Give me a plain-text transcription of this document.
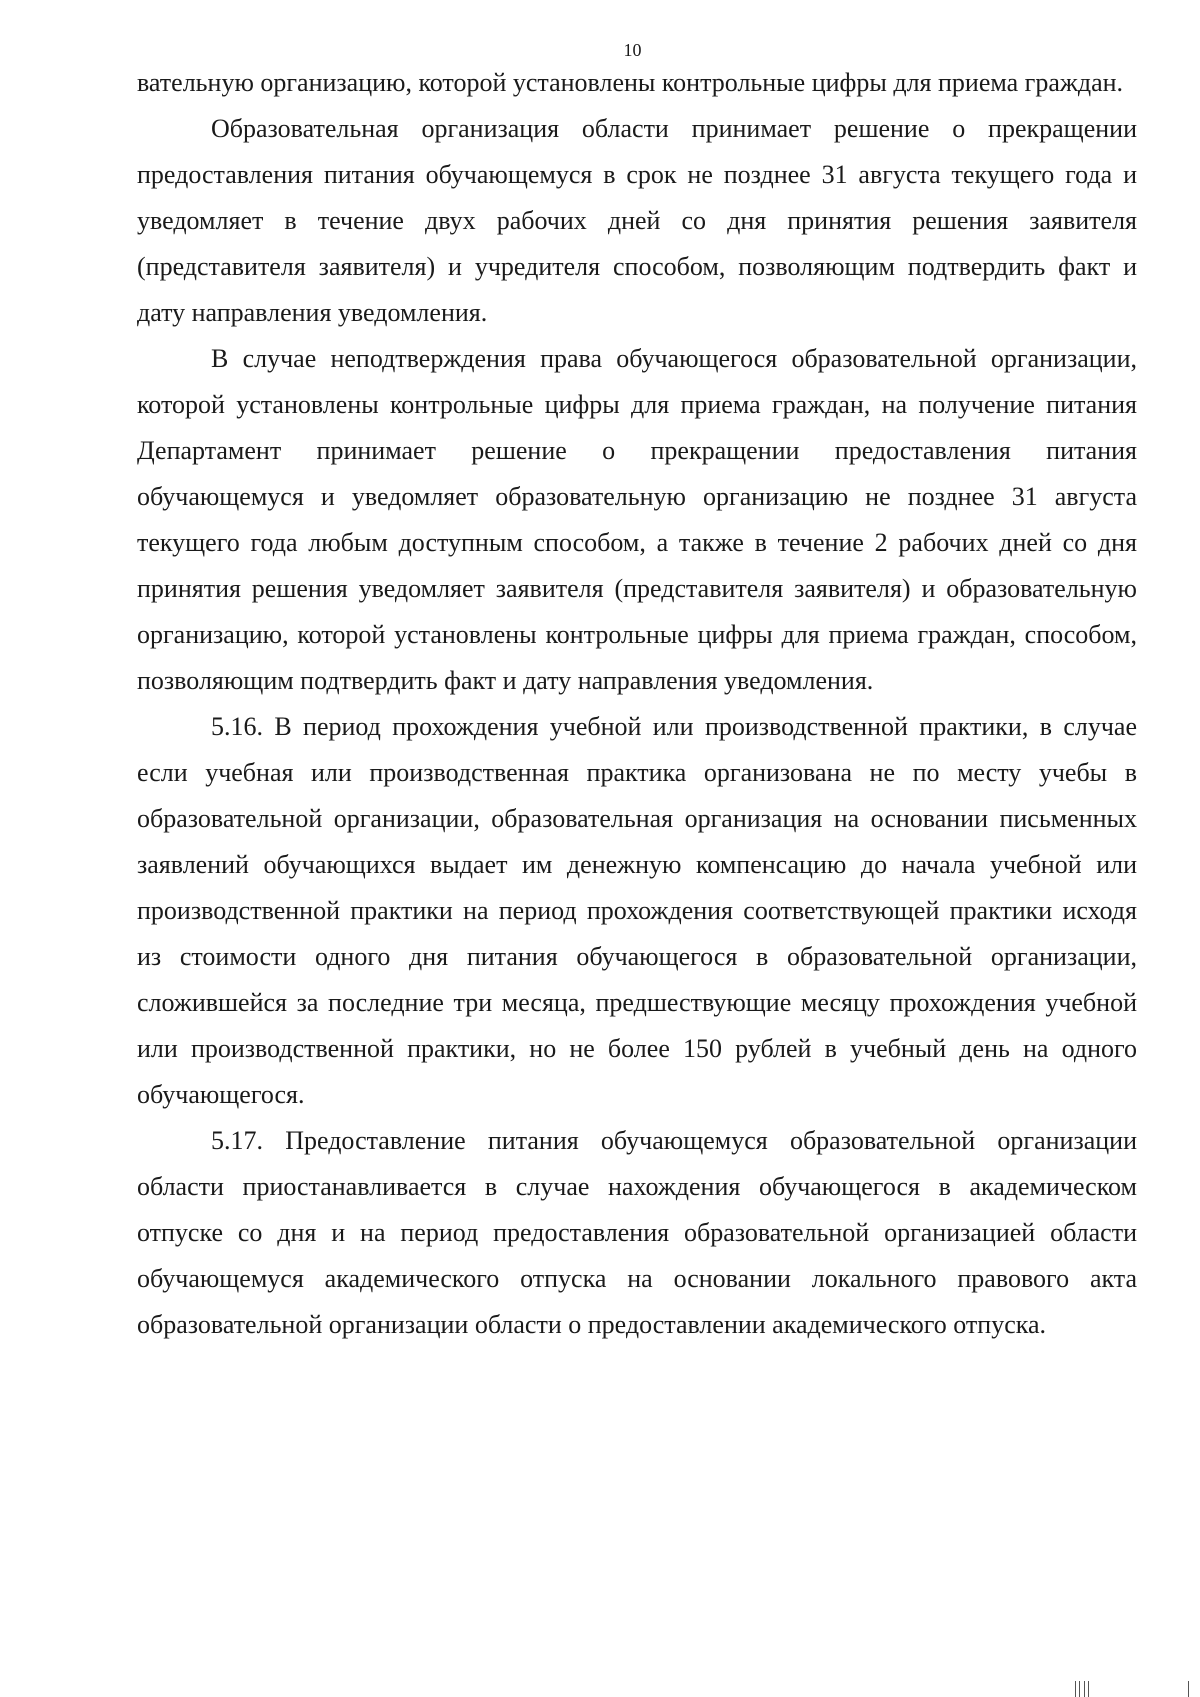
10

вательную организацию, которой установлены контрольные цифры для приема граждан.

Образовательная организация области принимает решение о прекращении предоставления питания обучающемуся в срок не позднее 31 августа текущего года и уведомляет в течение двух рабочих дней со дня принятия решения заявителя (представителя заявителя) и учредителя способом, позволяющим подтвердить факт и дату направления уведомления.

В случае неподтверждения права обучающегося образовательной организации, которой установлены контрольные цифры для приема граждан, на получение питания Департамент принимает решение о прекращении предоставления питания обучающемуся и уведомляет образовательную организацию не позднее 31 августа текущего года любым доступным способом, а также в течение 2 рабочих дней со дня принятия решения уведомляет заявителя (представителя заявителя) и образовательную организацию, которой установлены контрольные цифры для приема граждан, способом, позволяющим подтвердить факт и дату направления уведомления.

5.16. В период прохождения учебной или производственной практики, в случае если учебная или производственная практика организована не по месту учебы в образовательной организации, образовательная организация на основании письменных заявлений обучающихся выдает им денежную компенсацию до начала учебной или производственной практики на период прохождения соответствующей практики исходя из стоимости одного дня питания обучающегося в образовательной организации, сложившейся за последние три месяца, предшествующие месяцу прохождения учебной или производственной практики, но не более 150 рублей в учебный день на одного обучающегося.

5.17. Предоставление питания обучающемуся образовательной организации области приостанавливается в случае нахождения обучающегося в академическом отпуске со дня и на период предоставления образовательной организацией области обучающемуся академического отпуска на основании локального правового акта образовательной организации области о предоставлении академического отпуска.
